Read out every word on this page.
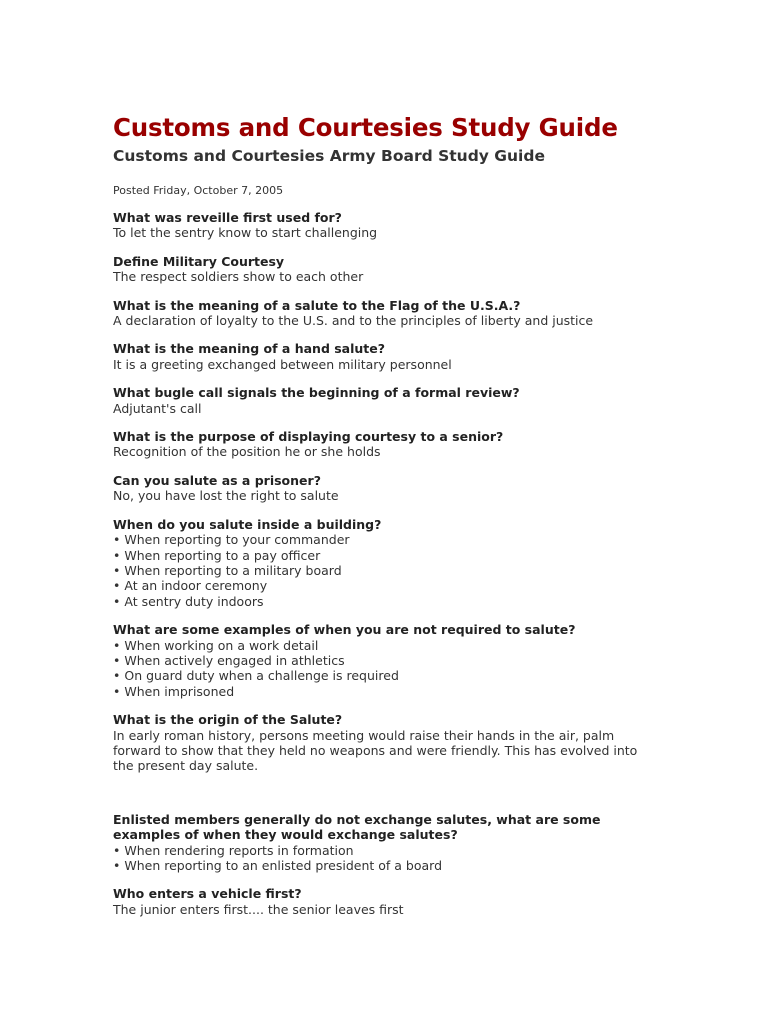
Customs and Courtesies Study Guide
Customs and Courtesies Army Board Study Guide
Posted Friday, October 7, 2005
What was reveille first used for?
To let the sentry know to start challenging
Define Military Courtesy
The respect soldiers show to each other
What is the meaning of a salute to the Flag of the U.S.A.?
A declaration of loyalty to the U.S. and to the principles of liberty and justice
What is the meaning of a hand salute?
It is a greeting exchanged between military personnel
What bugle call signals the beginning of a formal review?
Adjutant's call
What is the purpose of displaying courtesy to a senior?
Recognition of the position he or she holds
Can you salute as a prisoner?
No, you have lost the right to salute
When do you salute inside a building?
• When reporting to your commander
• When reporting to a pay officer
• When reporting to a military board
• At an indoor ceremony
• At sentry duty indoors
What are some examples of when you are not required to salute?
• When working on a work detail
• When actively engaged in athletics
• On guard duty when a challenge is required
• When imprisoned
What is the origin of the Salute?
In early roman history, persons meeting would raise their hands in the air, palm forward to show that they held no weapons and were friendly. This has evolved into the present day salute.
Enlisted members generally do not exchange salutes, what are some examples of when they would exchange salutes?
• When rendering reports in formation
• When reporting to an enlisted president of a board
Who enters a vehicle first?
The junior enters first.... the senior leaves first
